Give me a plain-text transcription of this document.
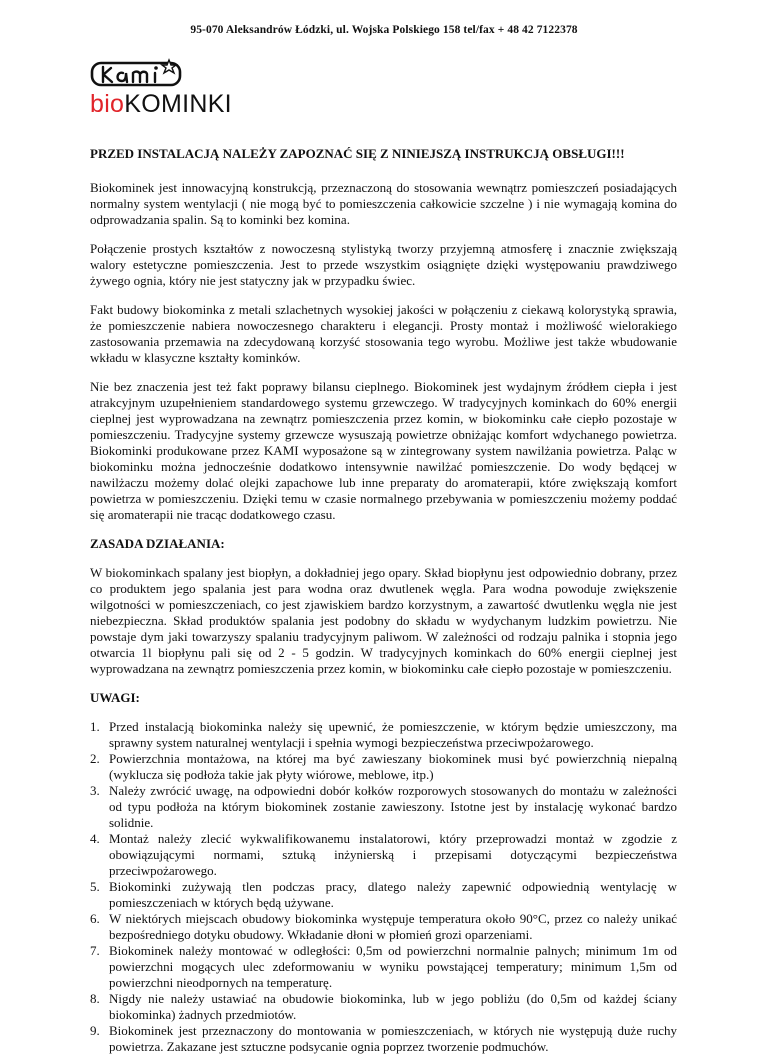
95-070 Aleksandrów Łódzki, ul. Wojska Polskiego 158 tel/fax + 48 42 7122378
bioKOMINKI
PRZED INSTALACJĄ NALEŻY ZAPOZNAĆ SIĘ Z NINIEJSZĄ INSTRUKCJĄ OBSŁUGI!!!

Biokominek jest innowacyjną konstrukcją, przeznaczoną do stosowania wewnątrz pomieszczeń posiadających normalny system wentylacji ( nie mogą być to pomieszczenia całkowicie szczelne ) i nie wymagają komina do odprowadzania spalin. Są to kominki bez komina.

Połączenie prostych kształtów z nowoczesną stylistyką tworzy przyjemną atmosferę i znacznie zwiększają walory estetyczne pomieszczenia. Jest to przede wszystkim osiągnięte dzięki występowaniu prawdziwego żywego ognia, który nie jest statyczny jak w przypadku świec.

Fakt budowy biokominka z metali szlachetnych wysokiej jakości w połączeniu z ciekawą kolorystyką sprawia, że pomieszczenie nabiera nowoczesnego charakteru i elegancji. Prosty montaż i możliwość wielorakiego zastosowania przemawia na zdecydowaną korzyść stosowania tego wyrobu. Możliwe jest także wbudowanie wkładu w klasyczne kształty kominków.

Nie bez znaczenia jest też fakt poprawy bilansu cieplnego. Biokominek jest wydajnym źródłem ciepła i jest atrakcyjnym uzupełnieniem standardowego systemu grzewczego. W tradycyjnych kominkach do 60% energii cieplnej jest wyprowadzana na zewnątrz pomieszczenia przez komin, w biokominku całe ciepło pozostaje w pomieszczeniu. Tradycyjne systemy grzewcze wysuszają powietrze obniżając komfort wdychanego powietrza. Biokominki produkowane przez KAMI wyposażone są w zintegrowany system nawilżania powietrza. Paląc w biokominku można jednocześnie dodatkowo intensywnie nawilżać pomieszczenie. Do wody będącej w nawilżaczu możemy dolać olejki zapachowe lub inne preparaty do aromaterapii, które zwiększają komfort powietrza w pomieszczeniu. Dzięki temu w czasie normalnego przebywania w pomieszczeniu możemy poddać się aromaterapii nie tracąc dodatkowego czasu.

ZASADA DZIAŁANIA:

W biokominkach spalany jest biopłyn, a dokładniej jego opary. Skład biopłynu jest odpowiednio dobrany, przez co produktem jego spalania jest para wodna oraz dwutlenek węgla. Para wodna powoduje zwiększenie wilgotności w pomieszczeniach, co jest zjawiskiem bardzo korzystnym, a zawartość dwutlenku węgla nie jest niebezpieczna. Skład produktów spalania jest podobny do składu w wydychanym ludzkim powietrzu. Nie powstaje dym jaki towarzyszy spalaniu tradycyjnym paliwom. W zależności od rodzaju palnika i stopnia jego otwarcia 1l biopłynu pali się od 2 - 5 godzin. W tradycyjnych kominkach do 60% energii cieplnej jest wyprowadzana na zewnątrz pomieszczenia przez komin, w biokominku całe ciepło pozostaje w pomieszczeniu.

UWAGI:
1. Przed instalacją biokominka należy się upewnić, że pomieszczenie, w którym będzie umieszczony, ma sprawny system naturalnej wentylacji i spełnia wymogi bezpieczeństwa przeciwpożarowego.
2. Powierzchnia montażowa, na której ma być zawieszany biokominek musi być powierzchnią niepalną (wyklucza się podłoża takie jak płyty wiórowe, meblowe, itp.)
3. Należy zwrócić uwagę, na odpowiedni dobór kołków rozporowych stosowanych do montażu w zależności od typu podłoża na którym biokominek zostanie zawieszony. Istotne jest by instalację wykonać bardzo solidnie.
4. Montaż należy zlecić wykwalifikowanemu instalatorowi, który przeprowadzi montaż w zgodzie z obowiązującymi normami, sztuką inżynierską i przepisami dotyczącymi bezpieczeństwa przeciwpożarowego.
5. Biokominki zużywają tlen podczas pracy, dlatego należy zapewnić odpowiednią wentylację w pomieszczeniach w których będą używane.
6. W niektórych miejscach obudowy biokominka występuje temperatura około 90°C, przez co należy unikać bezpośredniego dotyku obudowy. Wkładanie dłoni w płomień grozi oparzeniami.
7. Biokominek należy montować w odległości: 0,5m od powierzchni normalnie palnych; minimum 1m od powierzchni mogących ulec zdeformowaniu w wyniku powstającej temperatury; minimum 1,5m od powierzchni nieodpornych na temperaturę.
8. Nigdy nie należy ustawiać na obudowie biokominka, lub w jego pobliżu (do 0,5m od każdej ściany biokominka) żadnych przedmiotów.
9. Biokominek jest przeznaczony do montowania w pomieszczeniach, w których nie występują duże ruchy powietrza. Zakazane jest sztuczne podsycanie ognia poprzez tworzenie podmuchów.
